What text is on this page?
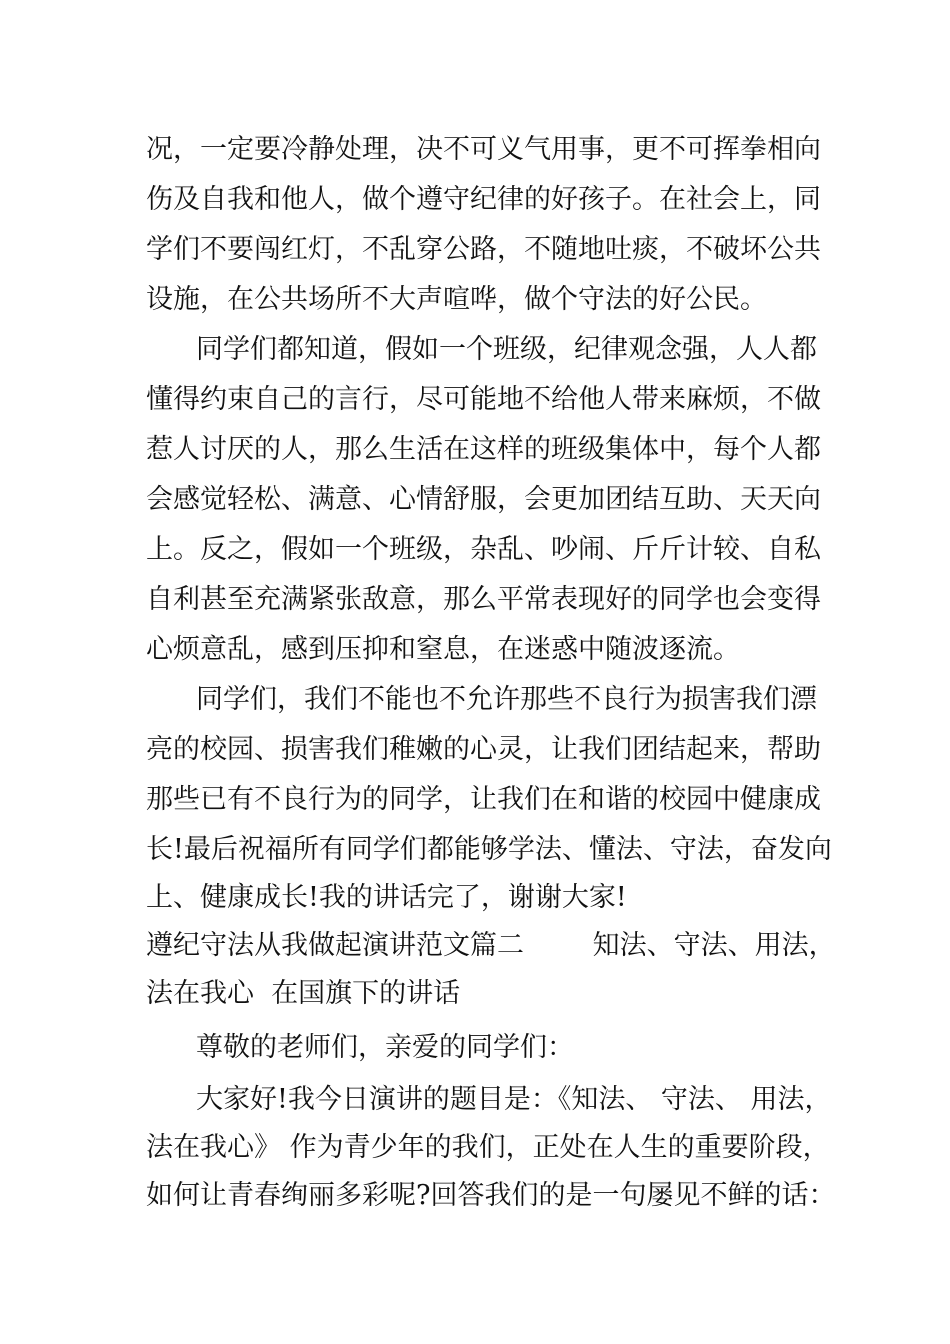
况，一定要冷静处理，决不可义气用事，更不可挥拳相向
伤及自我和他人，做个遵守纪律的好孩子。在社会上，同
学们不要闯红灯，不乱穿公路，不随地吐痰，不破坏公共
设施，在公共场所不大声喧哗，做个守法的好公民。
同学们都知道，假如一个班级，纪律观念强，人人都
懂得约束自己的言行，尽可能地不给他人带来麻烦，不做
惹人讨厌的人，那么生活在这样的班级集体中，每个人都
会感觉轻松、满意、心情舒服，会更加团结互助、天天向
上。反之，假如一个班级，杂乱、吵闹、斤斤计较、自私
自利甚至充满紧张敌意，那么平常表现好的同学也会变得
心烦意乱，感到压抑和窒息，在迷惑中随波逐流。
同学们，我们不能也不允许那些不良行为损害我们漂
亮的校园、损害我们稚嫩的心灵，让我们团结起来，帮助
那些已有不良行为的同学，让我们在和谐的校园中健康成
长!最后祝福所有同学们都能够学法、懂法、守法，奋发向
上、健康成长!我的讲话完了，谢谢大家!
遵纪守法从我做起演讲范文篇二        知法、守法、用法，
法在我心  在国旗下的讲话
尊敬的老师们，亲爱的同学们：
大家好!我今日演讲的题目是：《知法、 守法、 用法，
法在我心》 作为青少年的我们，正处在人生的重要阶段，
如何让青春绚丽多彩呢?回答我们的是一句屡见不鲜的话：
